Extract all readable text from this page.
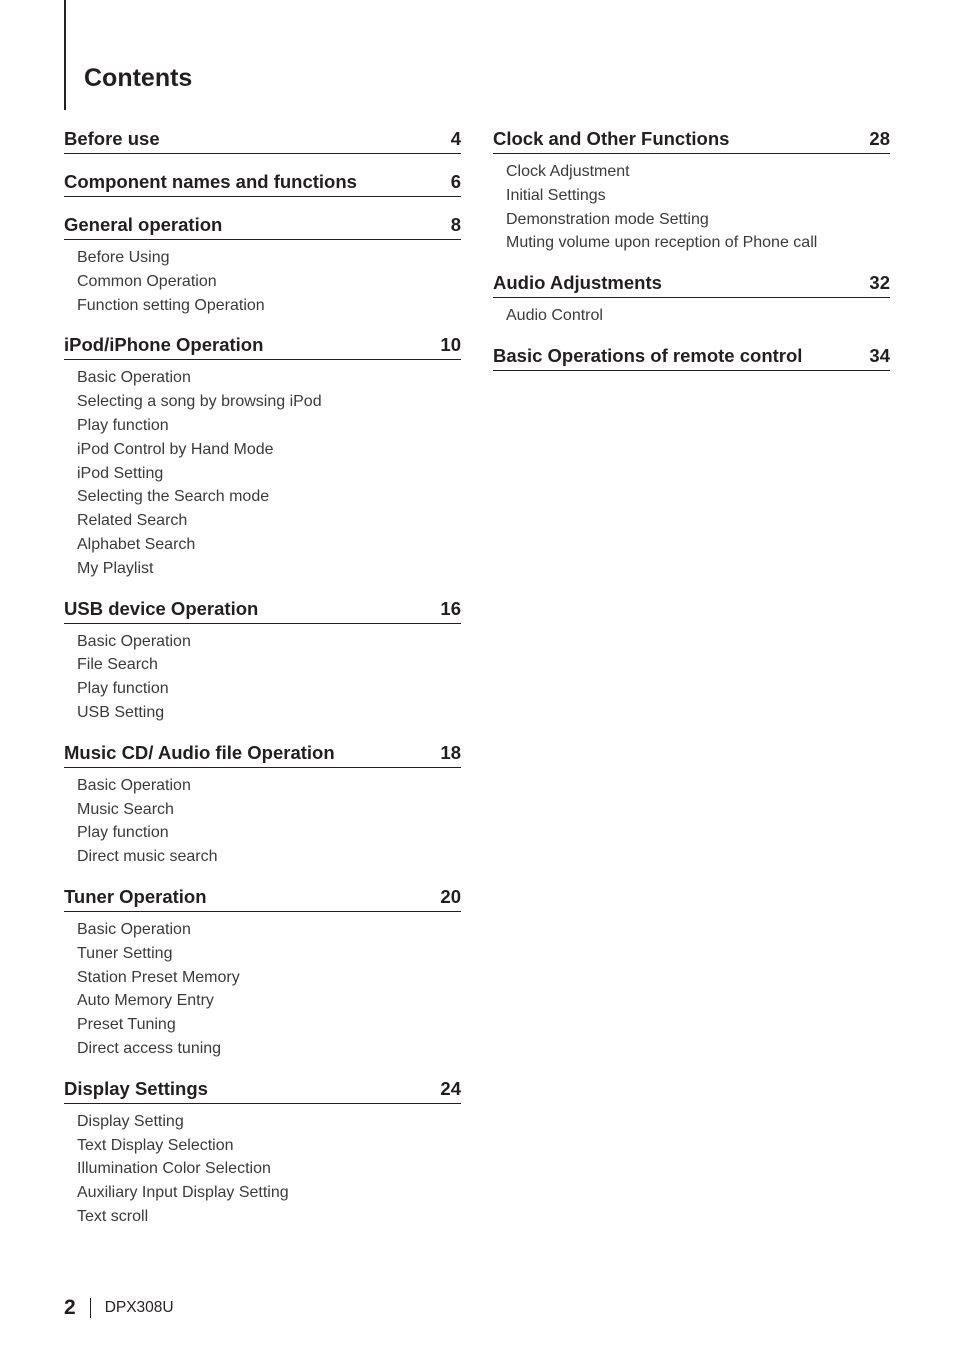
Contents
Before use	4
Component names and functions	6
General operation	8
Before Using
Common Operation
Function setting Operation
iPod/iPhone Operation	10
Basic Operation
Selecting a song by browsing iPod
Play function
iPod Control by Hand Mode
iPod Setting
Selecting the Search mode
Related Search
Alphabet Search
My Playlist
USB device Operation	16
Basic Operation
File Search
Play function
USB Setting
Music CD/ Audio file Operation	18
Basic Operation
Music Search
Play function
Direct music search
Tuner Operation	20
Basic Operation
Tuner Setting
Station Preset Memory
Auto Memory Entry
Preset Tuning
Direct access tuning
Display Settings	24
Display Setting
Text Display Selection
Illumination Color Selection
Auxiliary Input Display Setting
Text scroll
Clock and Other Functions	28
Clock Adjustment
Initial Settings
Demonstration mode Setting
Muting volume upon reception of Phone call
Audio Adjustments	32
Audio Control
Basic Operations of remote control	34
2 DPX308U
